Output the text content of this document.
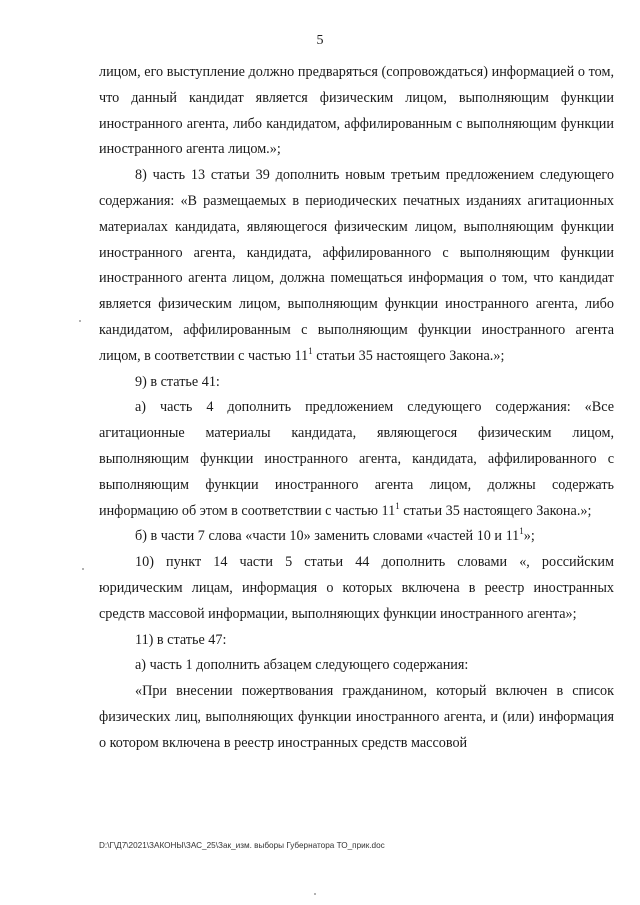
5

лицом, его выступление должно предваряться (сопровождаться) информацией о том, что данный кандидат является физическим лицом, выполняющим функции иностранного агента, либо кандидатом, аффилированным с выполняющим функции иностранного агента лицом.»;

8) часть 13 статьи 39 дополнить новым третьим предложением следующего содержания: «В размещаемых в периодических печатных изданиях агитационных материалах кандидата, являющегося физическим лицом, выполняющим функции иностранного агента, кандидата, аффилированного с выполняющим функции иностранного агента лицом, должна помещаться информация о том, что кандидат является физическим лицом, выполняющим функции иностранного агента, либо кандидатом, аффилированным с выполняющим функции иностранного агента лицом, в соответствии с частью $11^1$ статьи 35 настоящего Закона.»;

9) в статье 41:

а) часть 4 дополнить предложением следующего содержания: «Все агитационные материалы кандидата, являющегося физическим лицом, выполняющим функции иностранного агента, кандидата, аффилированного с выполняющим функции иностранного агента лицом, должны содержать информацию об этом в соответствии с частью $11^1$ статьи 35 настоящего Закона.»;

б) в части 7 слова «части 10» заменить словами «частей 10 и $11^1$»;

10) пункт 14 части 5 статьи 44 дополнить словами «, российским юридическим лицам, информация о которых включена в реестр иностранных средств массовой информации, выполняющих функции иностранного агента»;

11) в статье 47:

а) часть 1 дополнить абзацем следующего содержания:

«При внесении пожертвования гражданином, который включен в список физических лиц, выполняющих функции иностранного агента, и (или) информация о котором включена в реестр иностранных средств массовой

D:\Г\Д7\2021\ЗАКОНЫ\ЗАС_25\Зак_изм. выборы Губернатора ТО_прик.doc
